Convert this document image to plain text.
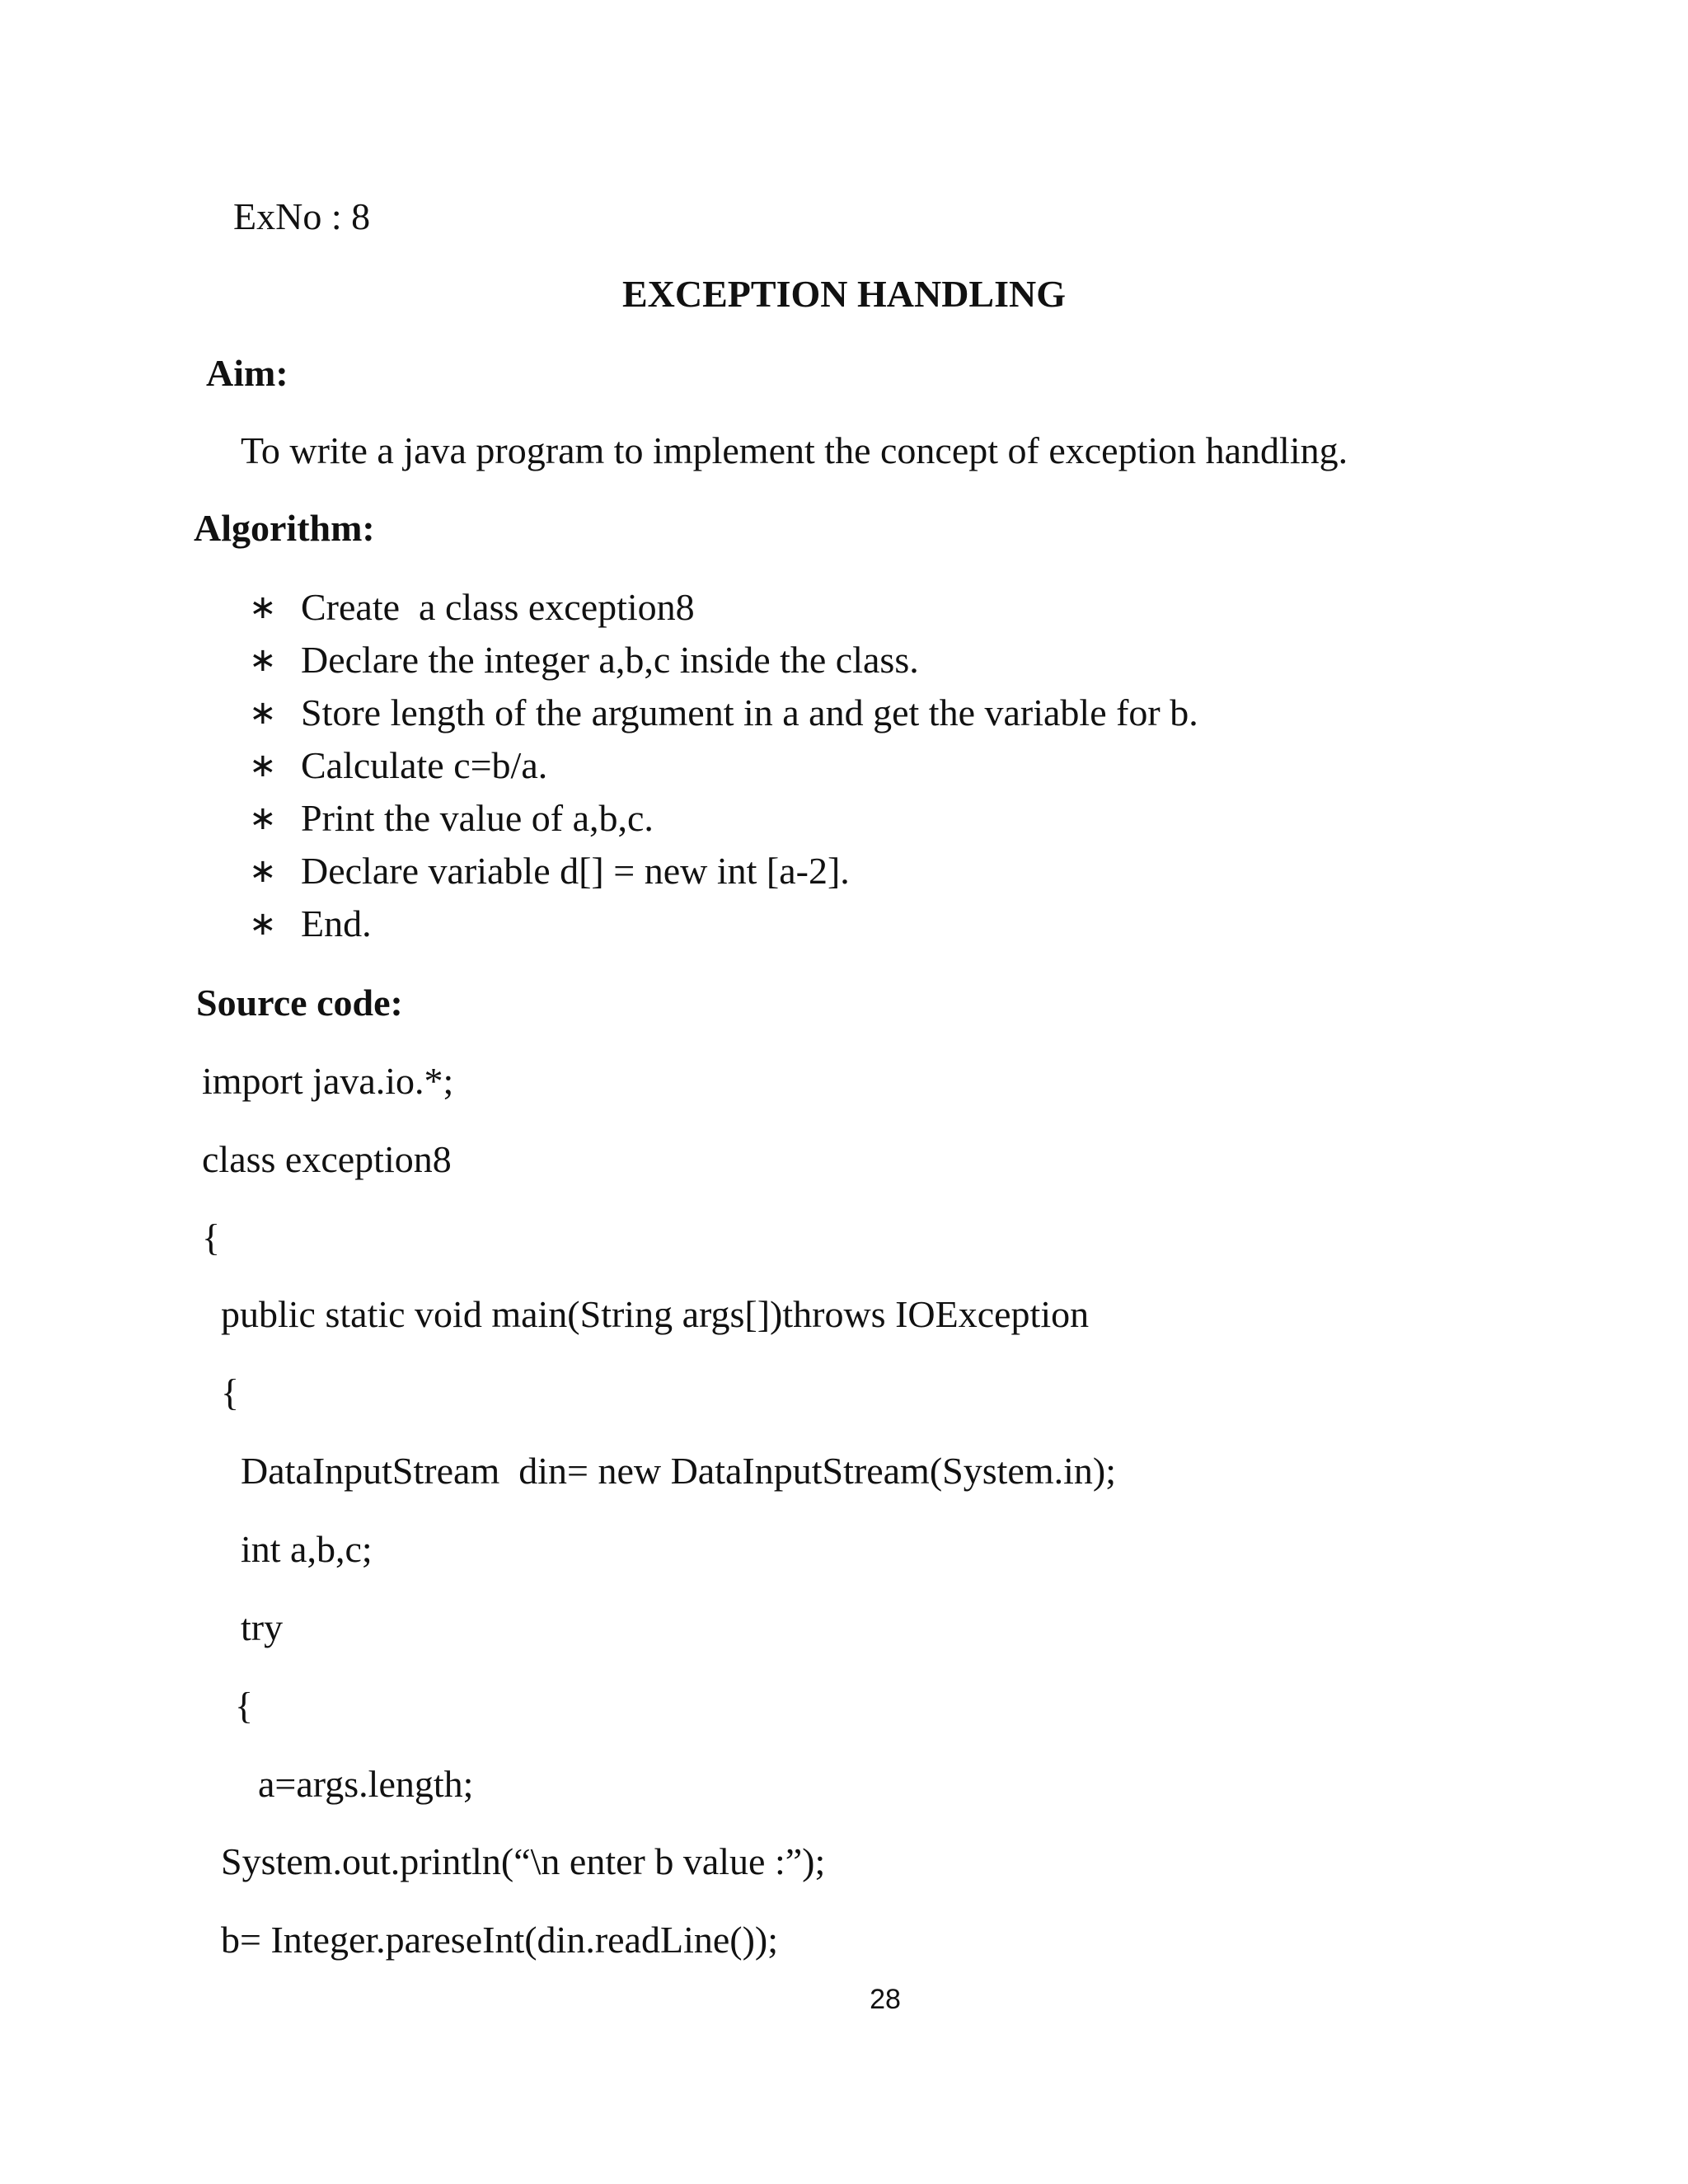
ExNo : 8
EXCEPTION HANDLING
Aim:
To write a java program to implement the concept of exception handling.
Algorithm:
∗ Create  a class exception8
∗ Declare the integer a,b,c inside the class.
∗ Store length of the argument in a and get the variable for b.
∗ Calculate c=b/a.
∗ Print the value of a,b,c.
∗ Declare variable d[] = new int [a-2].
∗ End.
Source code:
import java.io.*;
class exception8
{
public static void main(String args[])throws IOException
{
DataInputStream  din= new DataInputStream(System.in);
int a,b,c;
try
{
a=args.length;
System.out.println(“\n enter b value :”);
b= Integer.pareseInt(din.readLine());
28
